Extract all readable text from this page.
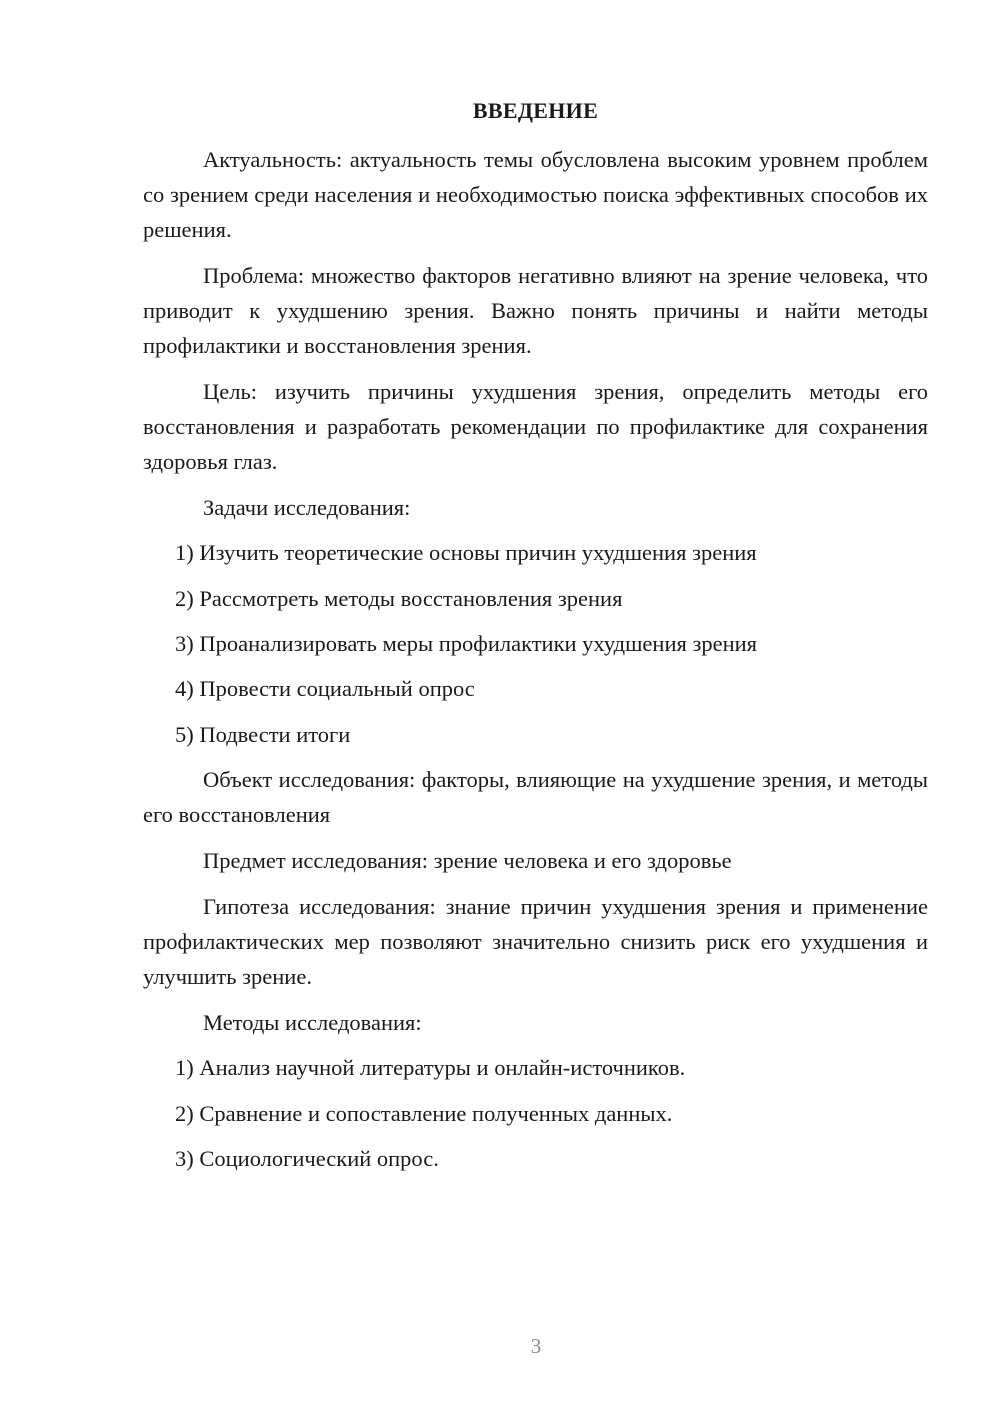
ВВЕДЕНИЕ

Актуальность: актуальность темы обусловлена высоким уровнем проблем со зрением среди населения и необходимостью поиска эффективных способов их решения.

Проблема: множество факторов негативно влияют на зрение человека, что приводит к ухудшению зрения. Важно понять причины и найти методы профилактики и восстановления зрения.

Цель: изучить причины ухудшения зрения, определить методы его восстановления и разработать рекомендации по профилактике для сохранения здоровья глаз.

Задачи исследования:

1) Изучить теоретические основы причин ухудшения зрения

2) Рассмотреть методы восстановления зрения

3) Проанализировать меры профилактики ухудшения зрения

4) Провести социальный опрос

5) Подвести итоги

Объект исследования: факторы, влияющие на ухудшение зрения, и методы его восстановления

Предмет исследования: зрение человека и его здоровье

Гипотеза исследования: знание причин ухудшения зрения и применение профилактических мер позволяют значительно снизить риск его ухудшения и улучшить зрение.

Методы исследования:

1) Анализ научной литературы и онлайн-источников.

2) Сравнение и сопоставление полученных данных.

3) Социологический опрос.

3
